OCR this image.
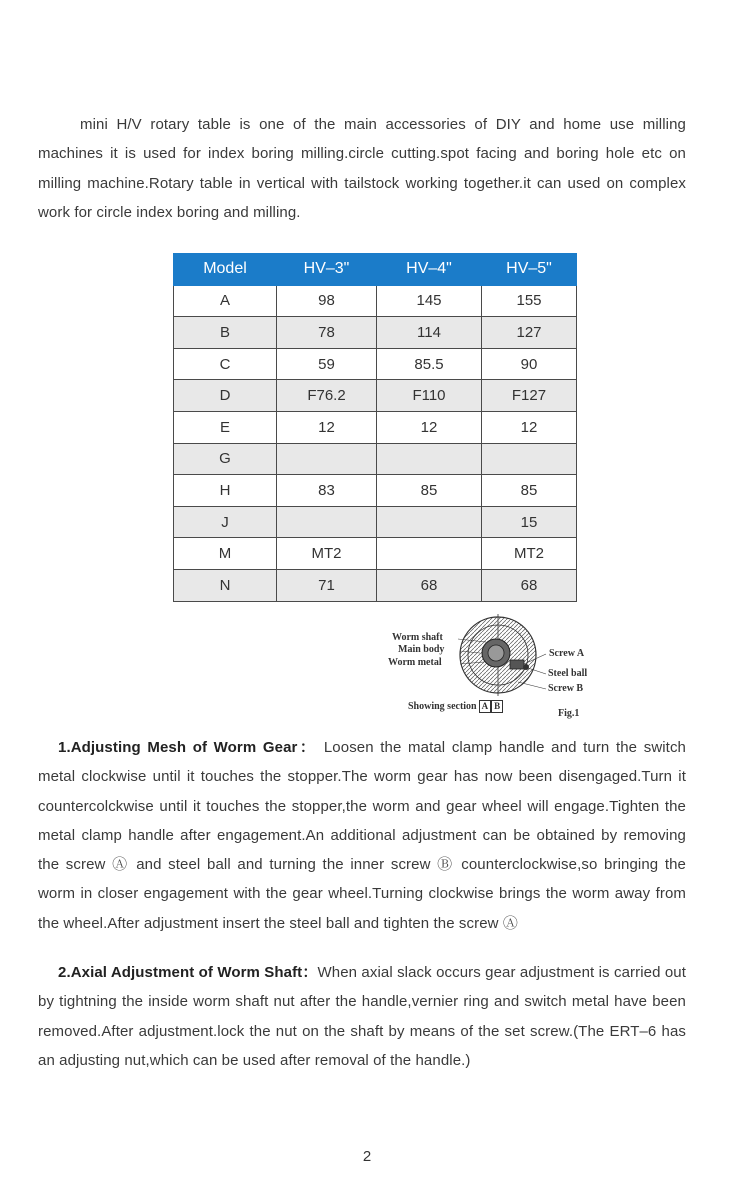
mini H/V rotary table is one of the main accessories of DIY and home use milling machines it is used for index boring milling.circle cutting.spot facing and boring hole etc on milling machine.Rotary table in vertical with tailstock working together.it can used on complex work for circle index boring and milling.

Model	HV–3"	HV–4"	HV–5"
A	98	145	155
B	78	114	127
C	59	85.5	90
D	F76.2	F110	F127
E	12	12	12
G			
H	83	85	85
J			15
M	MT2		MT2
N	71	68	68
Worm shaft
Main body
Worm metal
Screw A
Steel ball
Screw B
Showing section A B
Fig.1

1.Adjusting Mesh of Worm Gear： Loosen the matal clamp handle and turn the switch metal clockwise until it touches the stopper.The worm gear has now been disengaged.Turn it countercolckwise until it touches the stopper,the worm and gear wheel will engage.Tighten the metal clamp handle after engagement.An additional adjustment can be obtained by removing the screw Ⓐ and steel ball and turning the inner screw Ⓑ counterclockwise,so bringing the worm in closer engagement with the gear wheel.Turning clockwise brings the worm away from the wheel.After adjustment insert the steel ball and tighten the screw Ⓐ

2.Axial Adjustment of Worm Shaft：When axial slack occurs gear adjustment is carried out by tightning the inside worm shaft nut after the handle,vernier ring and switch metal have been removed.After adjustment.lock the nut on the shaft by means of the set screw.(The ERT–6 has an adjusting nut,which can be used after removal of the handle.)

2
